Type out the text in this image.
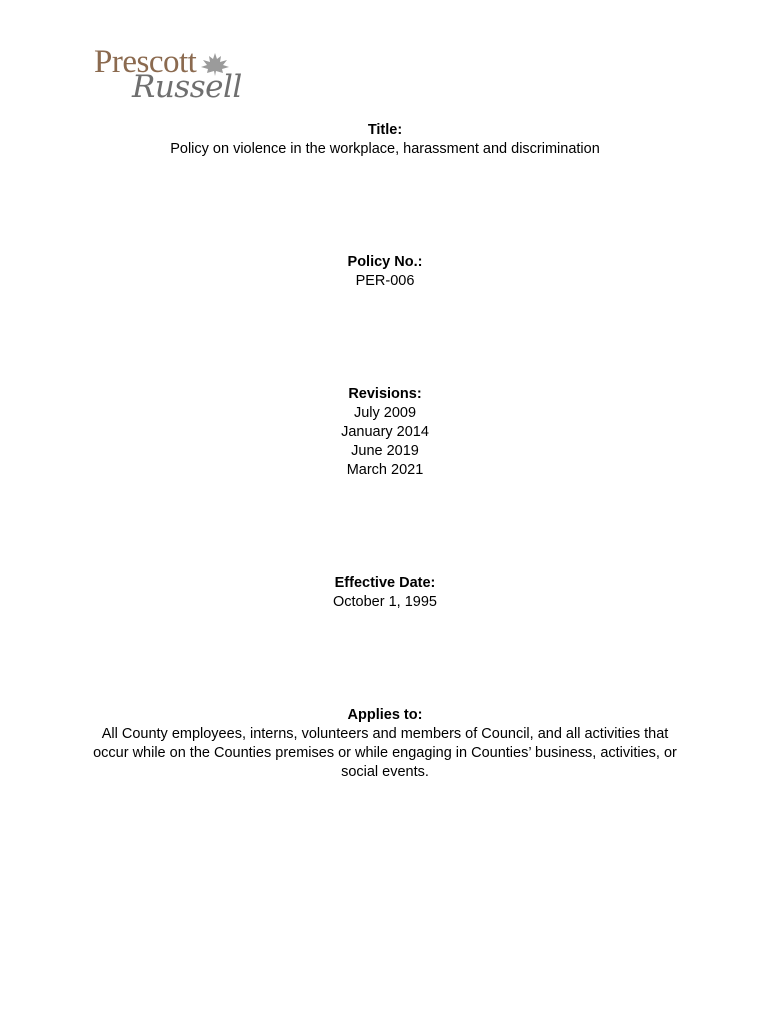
Prescott
Russell
Title:
Policy on violence in the workplace, harassment and discrimination
Policy No.:
PER-006
Revisions:
July 2009
January 2014
June 2019
March 2021
Effective Date:
October 1, 1995
Applies to:
All County employees, interns, volunteers and members of Council, and all activities that occur while on the Counties premises or while engaging in Counties’ business, activities, or social events.
